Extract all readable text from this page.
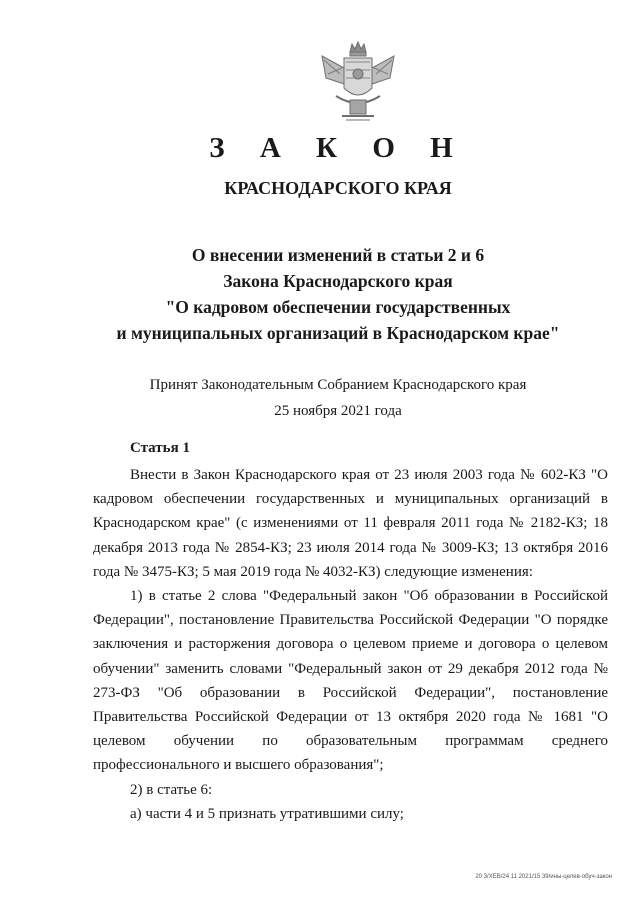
З А К О Н
КРАСНОДАРСКОГО КРАЯ
О внесении изменений в статьи 2 и 6
Закона Краснодарского края
"О кадровом обеспечении государственных
и муниципальных организаций в Краснодарском крае"
Принят Законодательным Собранием Краснодарского края
25 ноября 2021 года
Статья 1

Внести в Закон Краснодарского края от 23 июля 2003 года № 602-КЗ "О кадровом обеспечении государственных и муниципальных организаций в Краснодарском крае" (с изменениями от 11 февраля 2011 года № 2182-КЗ; 18 декабря 2013 года № 2854-КЗ; 23 июля 2014 года № 3009-КЗ; 13 октября 2016 года № 3475-КЗ; 5 мая 2019 года № 4032-КЗ) следующие изменения:

1) в статье 2 слова "Федеральный закон "Об образовании в Российской Федерации", постановление Правительства Российской Федерации "О порядке заключения и расторжения договора о целевом приеме и договора о целевом обучении" заменить словами "Федеральный закон от 29 декабря 2012 года № 273-ФЗ "Об образовании в Российской Федерации", постановление Правительства Российской Федерации от 13 октября 2020 года № 1681 "О целевом обучении по образовательным программам среднего профессионального и высшего образования";

2) в статье 6:

а) части 4 и 5 признать утратившими силу;

20 3/ХЕВ/24 11 2021/15 39/ины-целев-обуч-закон
